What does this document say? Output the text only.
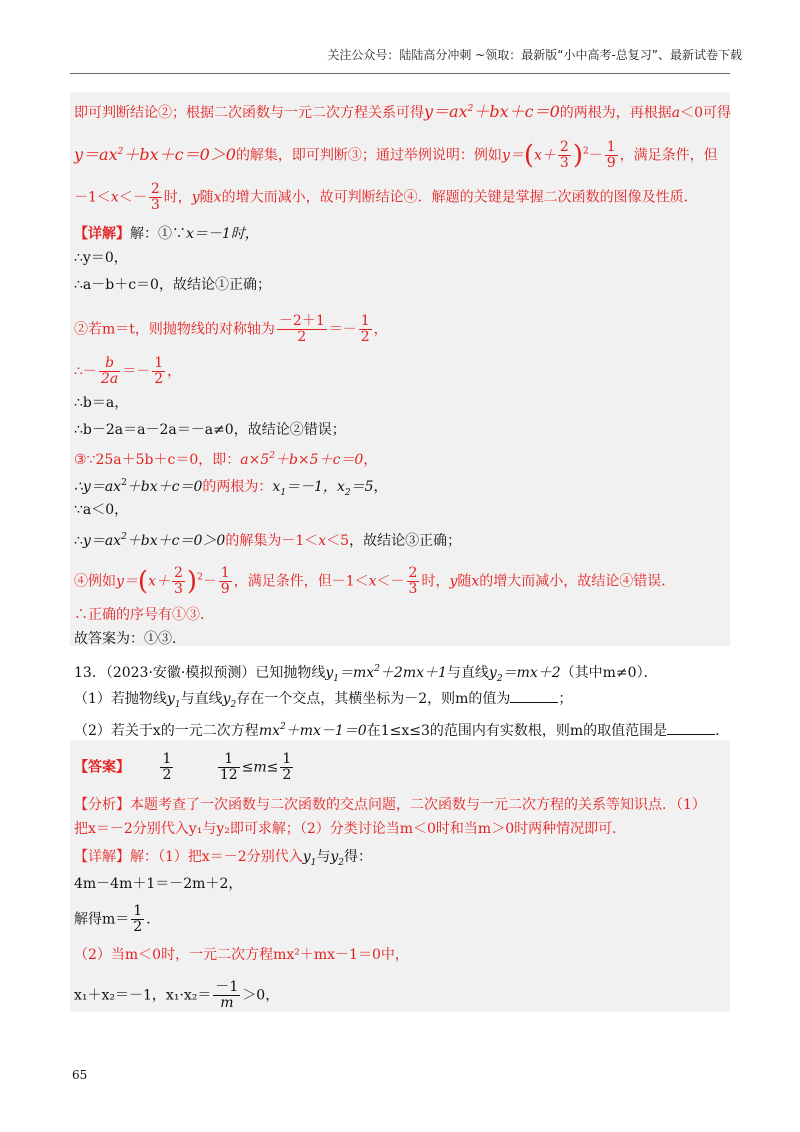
关注公众号：陆陆高分冲刺 ~领取：最新版“小中高考-总复习”、最新试卷下载
即可判断结论②；根据二次函数与一元二次方程关系可得$y=ax^2+bx+c=0$的两根为，再根据a＜0可得
$y=ax^2+bx+c=0>0$的解集，即可判断③；通过举例说明：例如$y=(x+ \frac{2}{3} )^2- \frac{1}{9}$ ，满足条件，但
$-1<x<- \frac{2}{3}$ 时，y随x的增大而减小，故可判断结论④．解题的关键是掌握二次函数的图像及性质．
【详解】解：①∵x＝－1时，
∴y＝0，
∴a－b＋c＝0，故结论①正确；
②若m＝t，则抛物线的对称轴为 $\frac{-2+1}{2} =- \frac{1}{2}$ ，
∴－ $\frac{b}{2a} =- \frac{1}{2}$ ，
∴b＝a，
∴b－2a＝a－2a＝－a≠0，故结论②错误；
③∵25a＋5b＋c＝0，即：$a\times 5^2+b\times 5+c=0$，
$\therefore y=ax^2+bx+c=0$的两根为：$x_1=-1$，$x_2=5$，
∵a＜0，
$\therefore y=ax^2+bx+c=0>0$的解集为－1＜x＜5，故结论③正确；
④例如$y=(x+ \frac{2}{3} )^2- \frac{1}{9}$ ，满足条件，但$-1<x<- \frac{2}{3}$ 时，y随x的增大而减小，故结论④错误．
∴正确的序号有①③．
故答案为：①③．
13．（2023·安徽·模拟预测）已知抛物线$y_1=mx^2+2mx+1$与直线$y_2=mx+2$（其中m≠0）．
（1）若抛物线$y_1$与直线$y_2$存在一个交点，其横坐标为－2，则m的值为	；
（2）若关于x的一元二次方程$mx^2+mx-1=0$在1≤x≤3的范围内有实数根，则m的取值范围是	．
【答案】 $\frac{1}{2}$
	$\frac{1}{12} \le m\le \frac{1}{2}$
【分析】本题考查了一次函数与二次函数的交点问题，二次函数与一元二次方程的关系等知识点．（1）
把x＝－2分别代入y₁与y₂即可求解；（2）分类讨论当m＜0时和当m＞0时两种情况即可．
【详解】解：（1）把x＝－2分别代入$y_1$与$y_2$得：
4m－4m＋1＝－2m＋2，
解得$m= \frac{1}{2}$ ．
（2）当m＜0时，一元二次方程mx²＋mx－1＝0中，
x₁＋x₂＝－1，$x_1\cdot x_2= \frac{-1}{m} >0$，
65
